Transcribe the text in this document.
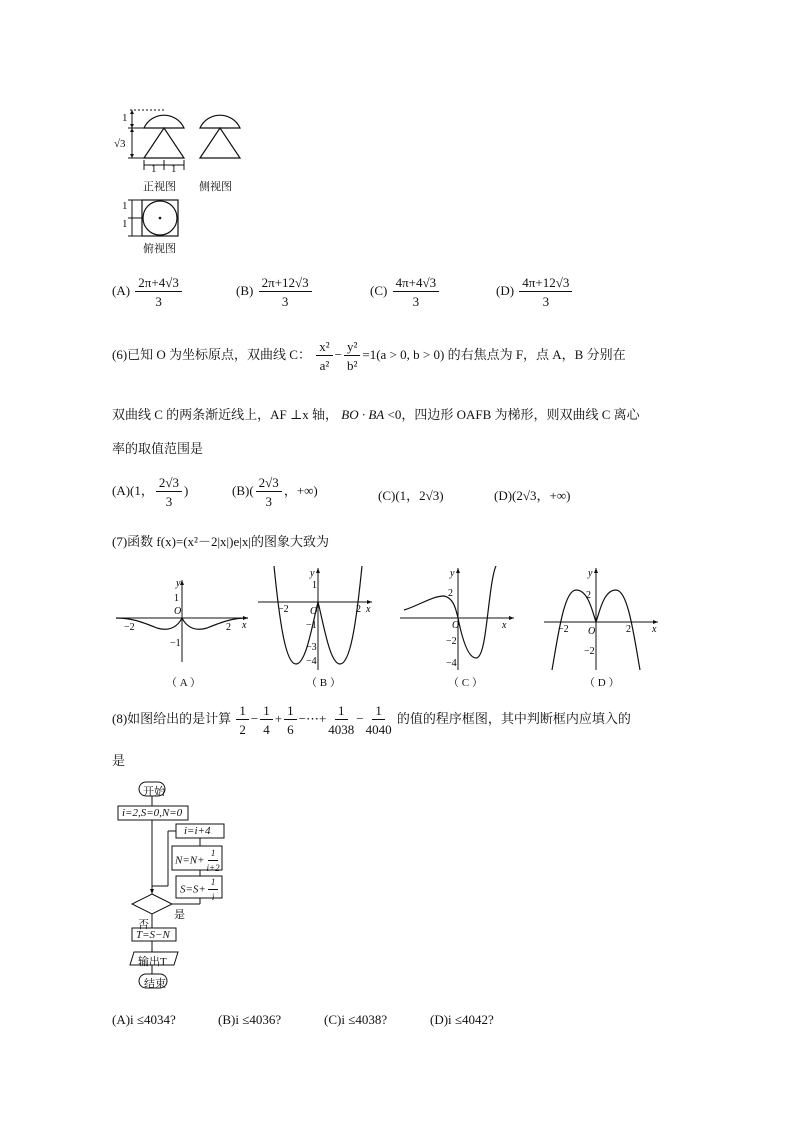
1
√3
1 1
1
1
正视图 侧视图
俯视图
$(A) \frac{2\pi+4√3}{3}$	$(B) \frac{2\pi+12√3}{3}$	$(C) \frac{4\pi+4√3}{3}$	$(D) \frac{4\pi+12√3}{3}$
(6)已知 O 为坐标原点，双曲线 C： $\frac{\text{x²}}{\text{a²}} - \frac{\text{y²}}{\text{b²}} =1(a > 0$, b > 0) 的右焦点为 F，点 A，B 分别在
双曲线 C 的两条渐近线上，AF ⊥x 轴， BO · BA <0，四边形 OAFB 为梯形，则双曲线 C 离心
率的取值范围是
(A)(1， $\frac{2√3}{3}$ )	$(B)( \frac{2√3}{3}$ ，+∞)	(C)(1，2√3)	(D)(2√3，+∞)
(7)函数 f(x)=(x²－2|x|)e|x|的图象大致为
y
1
O
−1
−2	2 x
y
1
O
−1
−3
−4
−2	2 x
y
2
O
−2
−4
x
y
2
O
−2
−2	2 x
（ A ）	（ B ）	（ C ）	（ D ）
(8)如图给出的是计算 $\frac{1}{2} - \frac{1}{4} + \frac{1}{6}$ −⋯+ $\frac{1}{4038} - \frac{1}{4040}$ 的值的程序框图，其中判断框内应填入的
是
开始
i=2,S=0,N=0
i=i+4
$N=N+ \frac{1}{i+2}$
$S=S+ \frac{1}{i}$
是
否
T=S−N
输出T
结束
(A)i ≤4034?	(B)i ≤4036?	(C)i ≤4038?	(D)i ≤4042?
